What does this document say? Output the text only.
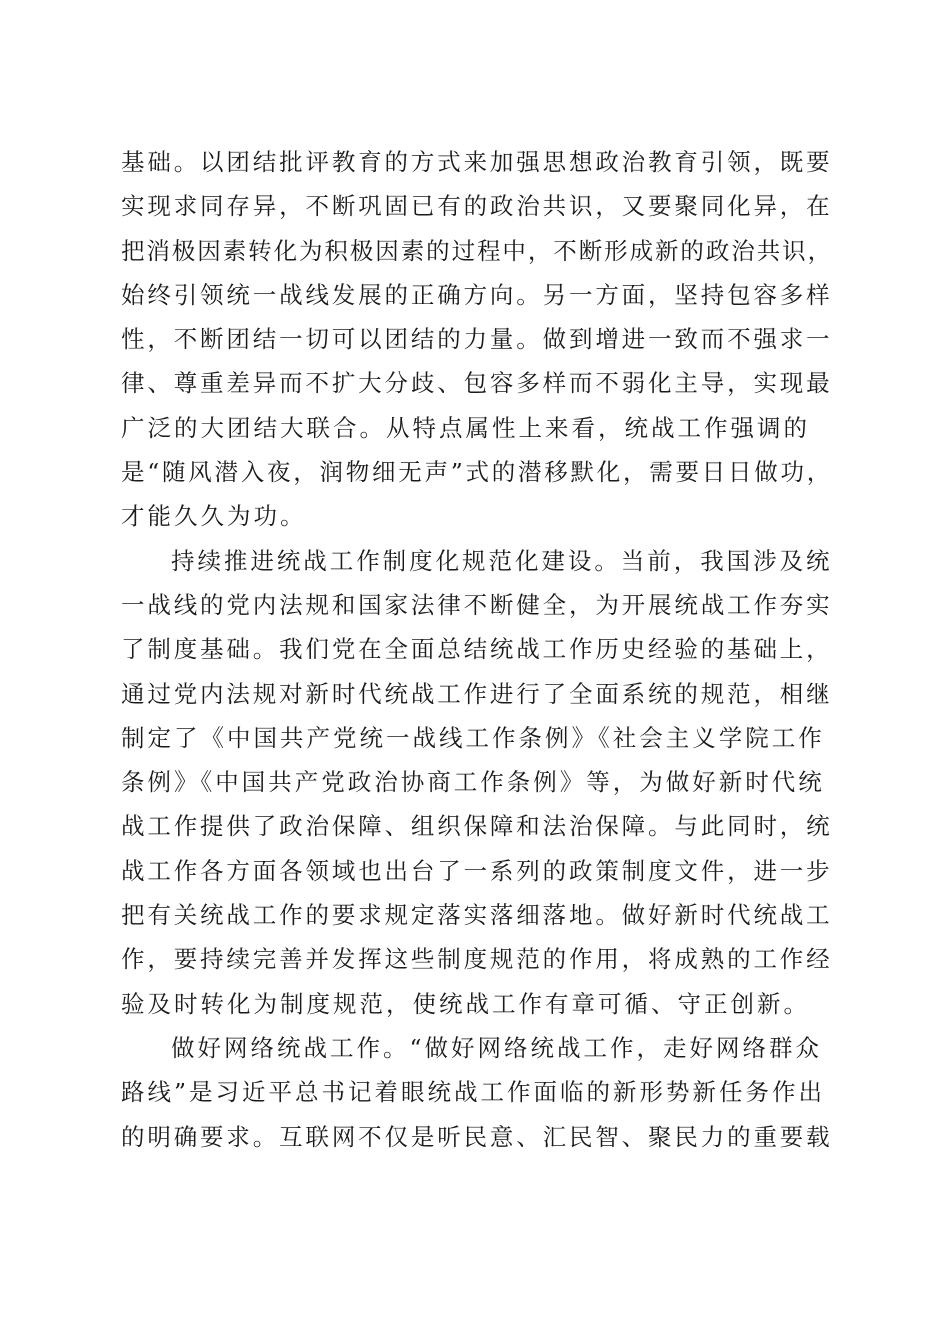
基础。以团结批评教育的方式来加强思想政治教育引领，既要
实现求同存异，不断巩固已有的政治共识，又要聚同化异，在
把消极因素转化为积极因素的过程中，不断形成新的政治共识，
始终引领统一战线发展的正确方向。另一方面，坚持包容多样
性，不断团结一切可以团结的力量。做到增进一致而不强求一
律、尊重差异而不扩大分歧、包容多样而不弱化主导，实现最
广泛的大团结大联合。从特点属性上来看，统战工作强调的
是“随风潜入夜，润物细无声”式的潜移默化，需要日日做功，
才能久久为功。
持续推进统战工作制度化规范化建设。当前，我国涉及统
一战线的党内法规和国家法律不断健全，为开展统战工作夯实
了制度基础。我们党在全面总结统战工作历史经验的基础上，
通过党内法规对新时代统战工作进行了全面系统的规范，相继
制定了《中国共产党统一战线工作条例》《社会主义学院工作
条例》《中国共产党政治协商工作条例》等，为做好新时代统
战工作提供了政治保障、组织保障和法治保障。与此同时，统
战工作各方面各领域也出台了一系列的政策制度文件，进一步
把有关统战工作的要求规定落实落细落地。做好新时代统战工
作，要持续完善并发挥这些制度规范的作用，将成熟的工作经
验及时转化为制度规范，使统战工作有章可循、守正创新。
做好网络统战工作。“做好网络统战工作，走好网络群众
路线”是习近平总书记着眼统战工作面临的新形势新任务作出
的明确要求。互联网不仅是听民意、汇民智、聚民力的重要载
